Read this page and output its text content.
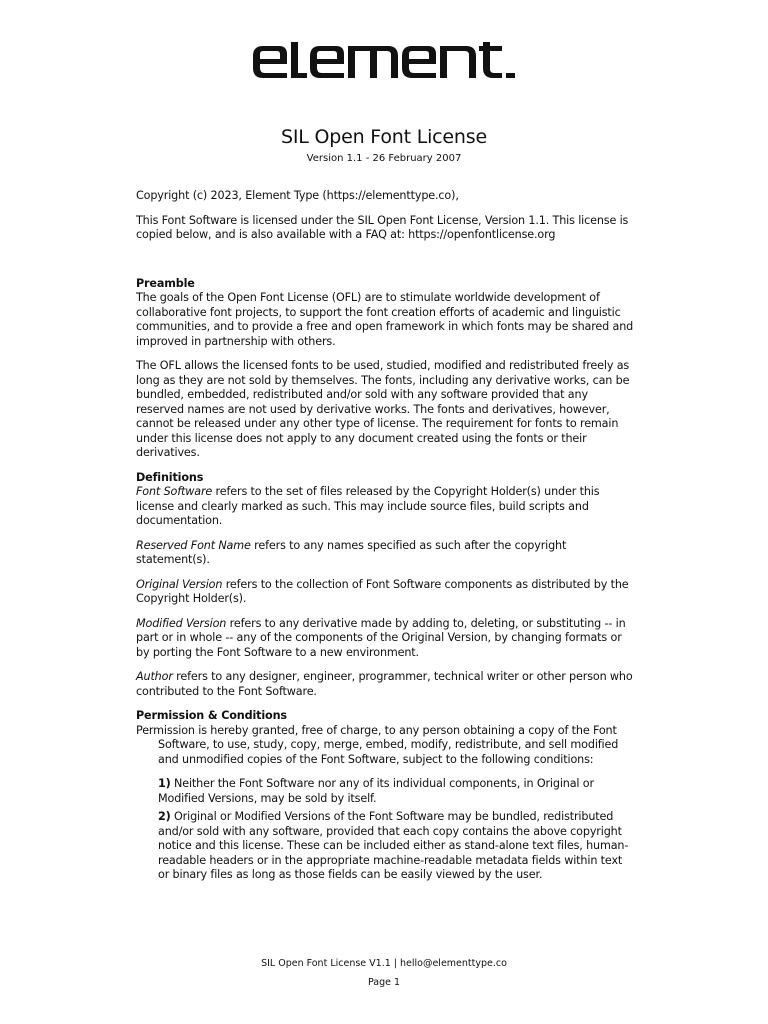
SIL Open Font License
Version 1.1 - 26 February 2007

Copyright (c) 2023, Element Type (https://elementtype.co),

This Font Software is licensed under the SIL Open Font License, Version 1.1. This license is copied below, and is also available with a FAQ at: https://openfontlicense.org

Preamble

The goals of the Open Font License (OFL) are to stimulate worldwide development of collaborative font projects, to support the font creation efforts of academic and linguistic communities, and to provide a free and open framework in which fonts may be shared and improved in partnership with others.

The OFL allows the licensed fonts to be used, studied, modified and redistributed freely as long as they are not sold by themselves. The fonts, including any derivative works, can be bundled, embedded, redistributed and/or sold with any software provided that any reserved names are not used by derivative works. The fonts and derivatives, however, cannot be released under any other type of license. The requirement for fonts to remain under this license does not apply to any document created using the fonts or their derivatives.

Definitions

Font Software refers to the set of files released by the Copyright Holder(s) under this license and clearly marked as such. This may include source files, build scripts and documentation.

Reserved Font Name refers to any names specified as such after the copyright statement(s).

Original Version refers to the collection of Font Software components as distributed by the Copyright Holder(s).

Modified Version refers to any derivative made by adding to, deleting, or substituting -- in part or in whole -- any of the components of the Original Version, by changing formats or by porting the Font Software to a new environment.

Author refers to any designer, engineer, programmer, technical writer or other person who contributed to the Font Software.

Permission & Conditions

Permission is hereby granted, free of charge, to any person obtaining a copy of the Font Software, to use, study, copy, merge, embed, modify, redistribute, and sell modified and unmodified copies of the Font Software, subject to the following conditions:

1) Neither the Font Software nor any of its individual components, in Original or Modified Versions, may be sold by itself.

2) Original or Modified Versions of the Font Software may be bundled, redistributed and/or sold with any software, provided that each copy contains the above copyright notice and this license. These can be included either as stand-alone text files, human-readable headers or in the appropriate machine-readable metadata fields within text or binary files as long as those fields can be easily viewed by the user.

SIL Open Font License V1.1 | hello@elementtype.co
Page 1
